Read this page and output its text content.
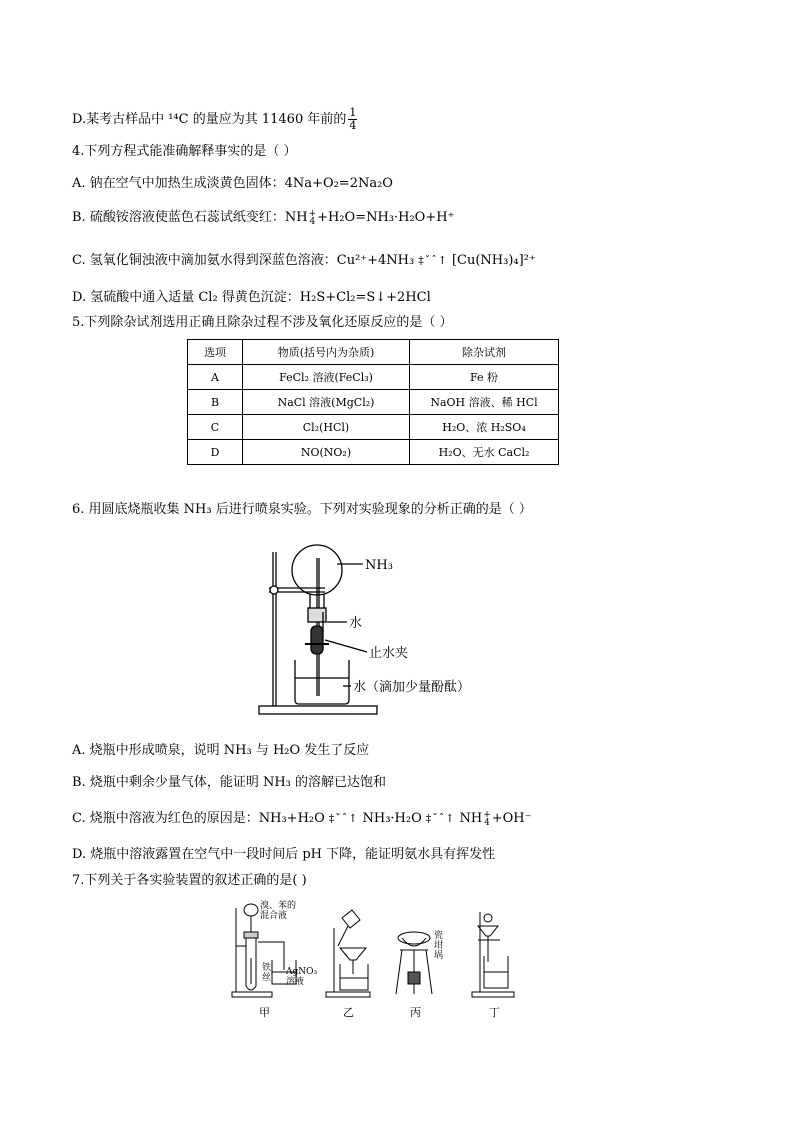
D.某考古样品中 ¹⁴C 的量应为其 11460 年前的 $\frac{1}{4}$
4.下列方程式能准确解释事实的是（ ）
A. 钠在空气中加热生成淡黄色固体：4Na+O₂=2Na₂O
B. 硫酸铵溶液使蓝色石蕊试纸变红：NH +
4 +H₂O=NH₃·H₂O+H⁺
C. 氢氧化铜浊液中滴加氨水得到深蓝色溶液：Cu²⁺+4NH₃ ‡ˇˆ↑ [Cu(NH₃)₄]²⁺
D. 氢硫酸中通入适量 Cl₂ 得黄色沉淀：H₂S+Cl₂=S↓+2HCl
5.下列除杂试剂选用正确且除杂过程不涉及氧化还原反应的是（ ）
选项	物质(括号内为杂质)	除杂试剂
A	FeCl₂ 溶液(FeCl₃)	Fe 粉
B	NaCl 溶液(MgCl₂)	NaOH 溶液、稀 HCl
C	Cl₂(HCl)	H₂O、浓 H₂SO₄
D	NO(NO₂)	H₂O、无水 CaCl₂
6. 用圆底烧瓶收集 NH₃ 后进行喷泉实验。下列对实验现象的分析正确的是（ ）
NH₃
水
止水夹
水（滴加少量酚酞）
A. 烧瓶中形成喷泉，说明 NH₃ 与 H₂O 发生了反应
B. 烧瓶中剩余少量气体，能证明 NH₃ 的溶解已达饱和
C. 烧瓶中溶液为红色的原因是：NH₃+H₂O ‡ˇˆ↑ NH₃·H₂O ‡ˇˆ↑ NH +
4 +OH⁻
D. 烧瓶中溶液露置在空气中一段时间后 pH 下降，能证明氨水具有挥发性
7.下列关于各实验装置的叙述正确的是( )
溴、苯的
混合液
铁
丝
AgNO₃
溶液
瓷
坩
埚
甲	乙	丙	丁
